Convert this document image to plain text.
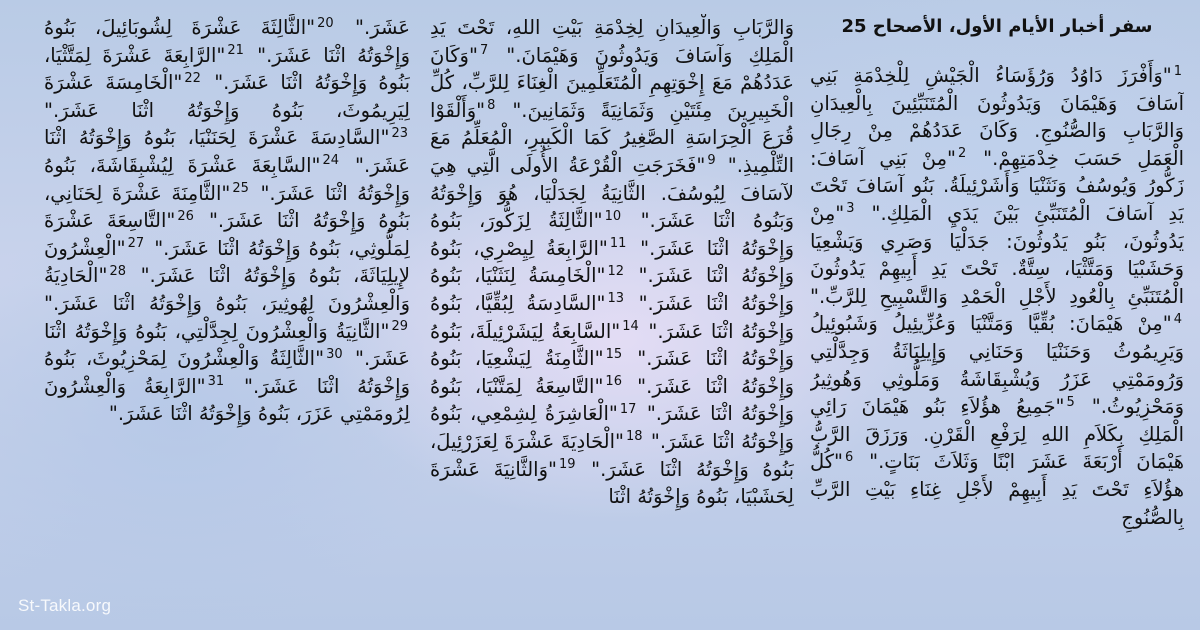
سفر أخبار الأيام الأول، الأصحاح 25
$^1$"وَأَفْرَزَ دَاوُدُ وَرُؤَسَاءُ الْجَيْشِ لِلْخِدْمَةِ بَنِي آسَافَ وَهَيْمَانَ وَيَدُوثُونَ الْمُتَنَبِّئِينَ بِالْعِيدَانِ وَالرَّبَابِ وَالصُّنُوجِ. وَكَانَ عَدَدُهُمْ مِنْ رِجَالِ الْعَمَلِ حَسَبَ خِدْمَتِهِمْ." $^2$"مِنْ بَنِي آسَافَ: زَكُّورُ وَيُوسُفُ وَنَثَنْيَا وَأَشَرْئِيلَةُ. بَنُو آسَافَ تَحْتَ يَدِ آسَافَ الْمُتَنَبِّئِ بَيْنَ يَدَيِ الْمَلِكِ." $^3$"مِنْ يَدُوثُونَ، بَنُو يَدُوثُونَ: جَدَلْيَا وَصَرِي وَيَشْعِيَا وَحَشَبْيَا وَمَتَّثْيَا، سِتَّةٌ. تَحْتَ يَدِ أَبِيهِمْ يَدُوثُونَ الْمُتَنَبِّئِ بِالْعُودِ لأَجْلِ الْحَمْدِ وَالتَّسْبِيحِ لِلرَّبِّ." $^4$"مِنْ هَيْمَانَ: بُقِّيَّا وَمَتَّنْيَا وَعُزِّيئِيلُ وَشَبُوئِيلُ وَيَرِيمُوثُ وَحَنَنْيَا وَحَنَانِي وَإِيلِيَاثَةُ وَجِدَّلْتِي وَرُومَمْتِي عَزَرُ وَيُشْبِقَاشَةُ وَمَلُّوثِي وَهُوثِيرُ وَمَحْزِيُوثُ." $^5$"جَمِيعُ هؤُلاَءِ بَنُو هَيْمَانَ رَائِي الْمَلِكِ بِكَلاَمِ اللهِ لِرَفْعِ الْقَرْنِ. وَرَزَقَ الرَّبُّ هَيْمَانَ أَرْبَعَةَ عَشَرَ ابْنًا وَثَلاَثَ بَنَاتٍ." $^6$"كُلُّ هؤُلاَءِ تَحْتَ يَدِ أَبِيهِمْ لأَجْلِ غِنَاءِ بَيْتِ الرَّبِّ بِالصُّنُوجِ
وَالرَّبَابِ وَالْعِيدَانِ لِخِدْمَةِ بَيْتِ اللهِ، تَحْتَ يَدِ الْمَلِكِ وَآسَافَ وَيَدُوثُونَ وَهَيْمَانَ." $^7$"وَكَانَ عَدَدُهُمْ مَعَ إِخْوَتِهِمِ الْمُتَعَلِّمِينَ الْغِنَاءَ لِلرَّبِّ، كُلِّ الْخَبِيرِينَ مِئَتَيْنِ وَثَمَانِيَةً وَثَمَانِينَ." $^8$"وَأَلْقَوْا قُرَعَ الْحِرَاسَةِ الصَّغِيرُ كَمَا الْكَبِيرِ، الْمُعَلِّمُ مَعَ التِّلْمِيذِ." $^9$"فَخَرَجَتِ الْقُرْعَةُ الأُولَى الَّتِي هِيَ لآسَافَ لِيُوسُفَ. الثَّانِيَةُ لِجَدَلْيَا، هُوَ وَإِخْوَتُهُ وَبَنُوهُ اثْنَا عَشَرَ." $^{10}$"الثَّالِثَةُ لِزَكُّورَ، بَنُوهُ وَإِخْوَتُهُ اثْنَا عَشَرَ." $^{11}$"الرَّابِعَةُ لِيِصْرِي، بَنُوهُ وَإِخْوَتُهُ اثْنَا عَشَرَ." $^{12}$"الْخَامِسَةُ لِنَثَنْيَا، بَنُوهُ وَإِخْوَتُهُ اثْنَا عَشَرَ." $^{13}$"السَّادِسَةُ لِبُقِّيَّا، بَنُوهُ وَإِخْوَتُهُ اثْنَا عَشَرَ." $^{14}$"السَّابِعَةُ لِيَشَرْئِيلَةَ، بَنُوهُ وَإِخْوَتُهُ اثْنَا عَشَرَ." $^{15}$"الثَّامِنَةُ لِيَشْعِيَا، بَنُوهُ وَإِخْوَتُهُ اثْنَا عَشَرَ." $^{16}$"التَّاسِعَةُ لِمَتَّنْيَا، بَنُوهُ وَإِخْوَتُهُ اثْنَا عَشَرَ." $^{17}$"الْعَاشِرَةُ لِشِمْعِي، بَنُوهُ وَإِخْوَتُهُ اثْنَا عَشَرَ." $^{18}$"الْحَادِيَةَ عَشْرَةَ لِعَزَرْئِيلَ، بَنُوهُ وَإِخْوَتُهُ اثْنَا عَشَرَ." $^{19}$"وَالثَّانِيَةَ عَشْرَةَ لِحَشَبْيَا، بَنُوهُ وَإِخْوَتُهُ اثْنَا
عَشَرَ." $^{20}$"الثَّالِثَةَ عَشْرَةَ لِشُوبَائِيلَ، بَنُوهُ وَإِخْوَتُهُ اثْنَا عَشَرَ." $^{21}$"الرَّابِعَةَ عَشْرَةَ لِمَتَّثْيَا، بَنُوهُ وَإِخْوَتُهُ اثْنَا عَشَرَ." $^{22}$"الْخَامِسَةَ عَشْرَةَ لِيَرِيمُوثَ، بَنُوهُ وَإِخْوَتُهُ اثْنَا عَشَرَ." $^{23}$"السَّادِسَةَ عَشْرَةَ لِحَنَنْيَا، بَنُوهُ وَإِخْوَتُهُ اثْنَا عَشَرَ." $^{24}$"السَّابِعَةَ عَشْرَةَ لِيُشْبِقَاشَةَ، بَنُوهُ وَإِخْوَتُهُ اثْنَا عَشَرَ." $^{25}$"الثَّامِنَةَ عَشْرَةَ لِحَنَانِي، بَنُوهُ وَإِخْوَتُهُ اثْنَا عَشَرَ." $^{26}$"التَّاسِعَةَ عَشْرَةَ لِمَلُّوثِي، بَنُوهُ وَإِخْوَتُهُ اثْنَا عَشَرَ." $^{27}$"الْعِشْرُونَ لإِيلِيَاثَةَ، بَنُوهُ وَإِخْوَتُهُ اثْنَا عَشَرَ." $^{28}$"الْحَادِيَةُ وَالْعِشْرُونَ لِهُوثِيرَ، بَنُوهُ وَإِخْوَتُهُ اثْنَا عَشَرَ." $^{29}$"الثَّانِيَةُ وَالْعِشْرُونَ لِجِدَّلْتِي، بَنُوهُ وَإِخْوَتُهُ اثْنَا عَشَرَ." $^{30}$"الثَّالِثَةُ وَالْعِشْرُونَ لِمَحْزِيُوثَ، بَنُوهُ وَإِخْوَتُهُ اثْنَا عَشَرَ." $^{31}$"الرَّابِعَةُ وَالْعِشْرُونَ لِرُومَمْتِي عَزَرَ، بَنُوهُ وَإِخْوَتُهُ اثْنَا عَشَرَ."
St-Takla.org
